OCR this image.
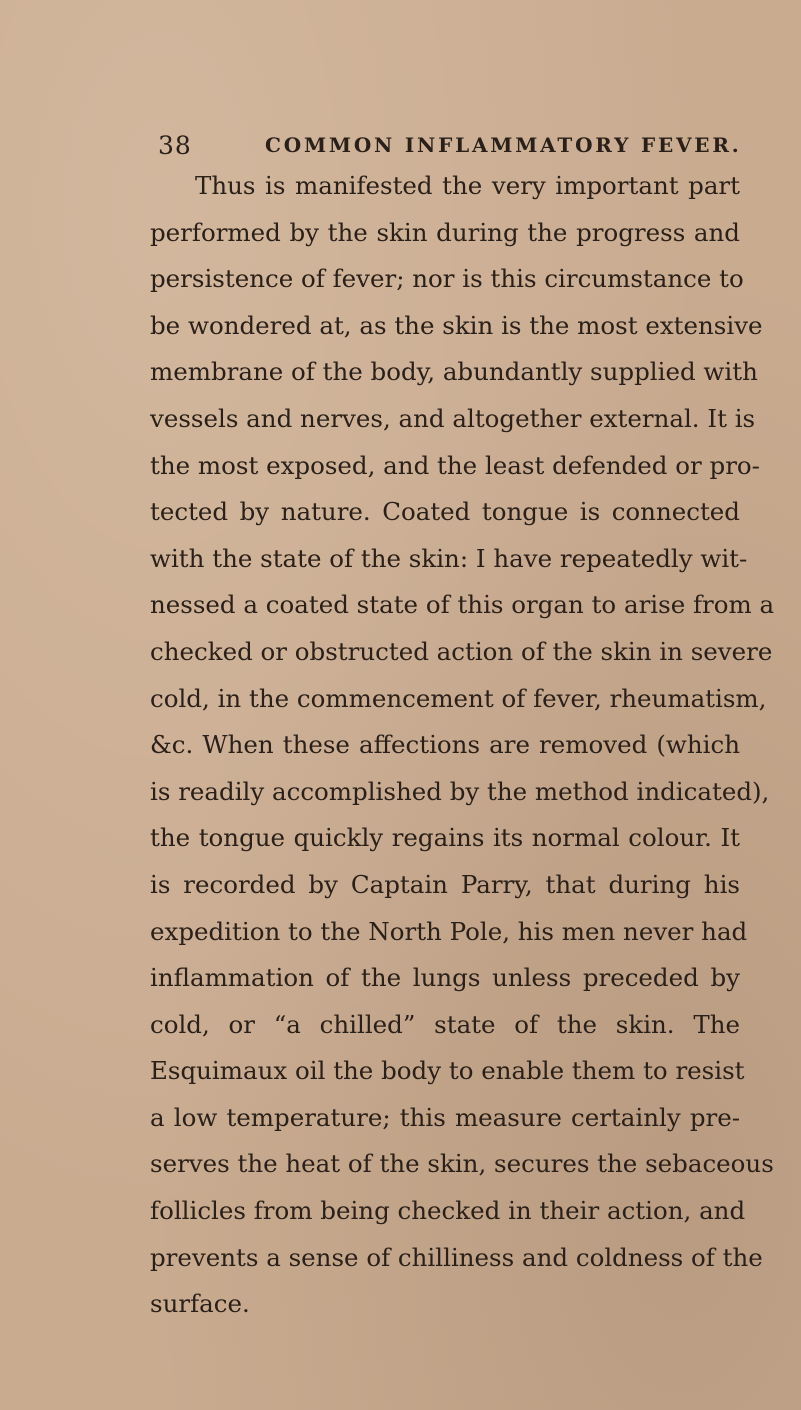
38	COMMON INFLAMMATORY FEVER.
Thus is manifested the very important part
performed by the skin during the progress and
persistence of fever; nor is this circumstance to
be wondered at, as the skin is the most extensive
membrane of the body, abundantly supplied with
vessels and nerves, and altogether external. It is
the most exposed, and the least defended or pro-
tected by nature. Coated tongue is connected
with the state of the skin: I have repeatedly wit-
nessed a coated state of this organ to arise from a
checked or obstructed action of the skin in severe
cold, in the commencement of fever, rheumatism,
&c. When these affections are removed (which
is readily accomplished by the method indicated),
the tongue quickly regains its normal colour. It
is recorded by Captain Parry, that during his
expedition to the North Pole, his men never had
inflammation of the lungs unless preceded by
cold, or “a chilled” state of the skin. The
Esquimaux oil the body to enable them to resist
a low temperature; this measure certainly pre-
serves the heat of the skin, secures the sebaceous
follicles from being checked in their action, and
prevents a sense of chilliness and coldness of the
surface.
